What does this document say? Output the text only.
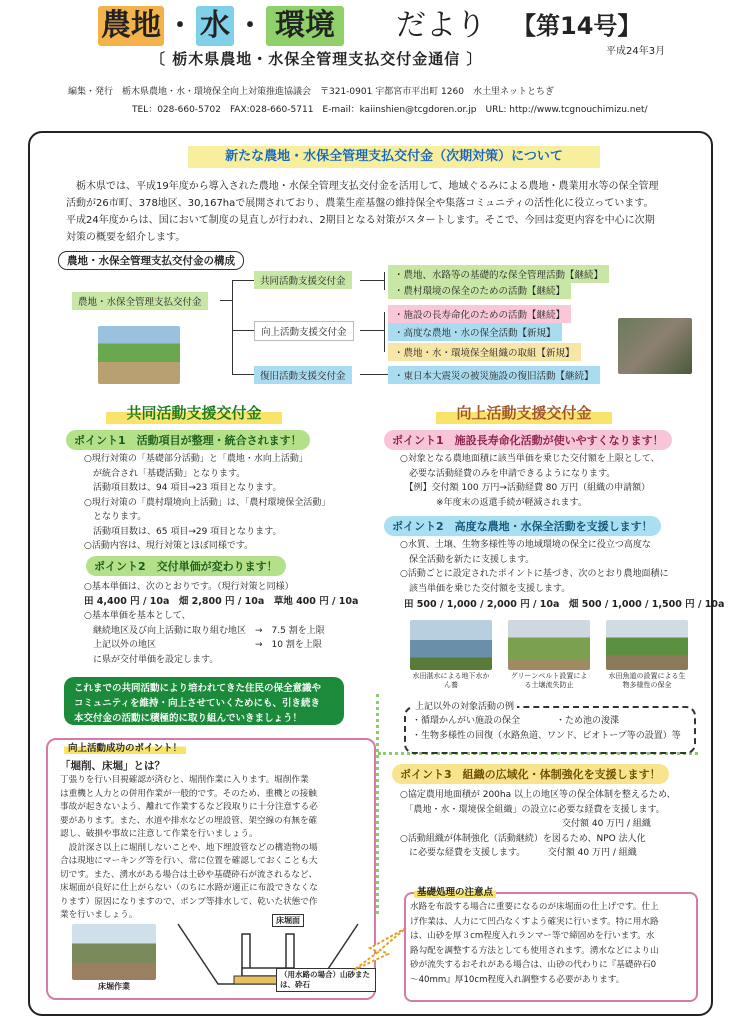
農地 ・ 水 ・ 環境	だより	【第14号】
平成24年3月
〔 栃木県農地・水保全管理支払交付金通信 〕
編集・発行　栃木県農地・水・環境保全向上対策推進協議会　〒321-0901 宇都宮市平出町 1260　水土里ネットとちぎ
TEL：028-660-5702　FAX:028-660-5711　E-mail：kaiinshien@tcgdoren.or.jp　URL: http://www.tcgnouchimizu.net/
新たな農地・水保全管理支払交付金（次期対策）について
栃木県では、平成19年度から導入された農地・水保全管理支払交付金を活用して、地域ぐるみによる農地・農業用水等の保全管理
活動が26市町、378地区、30,167haで展開されており、農業生産基盤の維持保全や集落コミュニティの活性化に役立っています。
平成24年度からは、国において制度の見直しが行われ、2期目となる対策がスタートします。そこで、今回は変更内容を中心に次期
対策の概要を紹介します。
農地・水保全管理支払交付金の構成
農地・水保全管理支払交付金
共同活動支援交付金
向上活動支援交付金
復旧活動支援交付金
・農地、水路等の基礎的な保全管理活動【継続】
・農村環境の保全のための活動【継続】
・施設の長寿命化のための活動【継続】
・高度な農地・水の保全活動【新規】
・農地・水・環境保全組織の取組【新規】
・東日本大震災の被災施設の復旧活動【継続】
共同活動支援交付金
ポイント1　活動項目が整理・統合されます！
○現行対策の「基礎部分活動」と「農地・水向上活動」
　が統合され「基礎活動」となります。
　活動項目数は、94 項目→23 項目となります。
○現行対策の「農村環境向上活動」は、「農村環境保全活動」
　となります。
　活動項目数は、65 項目→29 項目となります。
○活動内容は、現行対策とほぼ同様です。
ポイント2　交付単価が変わります！
○基本単価は、次のとおりです。（現行対策と同様）
田 4,400 円 / 10a　畑 2,800 円 / 10a　草地 400 円 / 10a
○基本単価を基本として、
　継続地区及び向上活動に取り組む地区　→　7.5 割を上限
　上記以外の地区　　　　　　　　　　　→　10 割を上限
　に県が交付単価を設定します。
これまでの共同活動により培われてきた住民の保全意識や
コミュニティを維持・向上させていくためにも、引き続き
本交付金の活動に積極的に取り組んでいきましょう！
向上活動成功のポイント！
「堀削、床堀」とは？
丁張りを行い目視確認が済むと、堀削作業に入ります。堀削作業
は重機と人力との併用作業が一般的です。そのため、重機との接触
事故が起きないよう、離れて作業するなど段取りに十分注意する必
要があります。また、水道や排水などの埋設管、架空線の有無を確
認し、破損や事故に注意して作業を行いましょう。
　設計深さ以上に堀削しないことや、地下埋設管などの構造物の場
合は現地にマーキング等を行い、常に位置を確認しておくことも大
切です。また、湧水がある場合は土砂や基礎砕石が流されるなど、
床堀面が良好に仕上がらない（のちに水路が適正に布設できなくな
ります）原因になりますので、ポンプ等排水して、乾いた状態で作
業を行いましょう。
床堀作業
床堀面
（用水路の場合）山砂または、砕石
向上活動支援交付金
ポイント1　施設長寿命化活動が使いやすくなります！
○対象となる農地面積に該当単価を乗じた交付額を上限として、
　必要な活動経費のみを申請できるようになります。
　【例】交付額 100 万円→活動経費 80 万円（組織の申請額）
　　　　※年度末の返還手続が軽減されます。
ポイント2　高度な農地・水保全活動を支援します！
○水質、土壌、生物多様性等の地域環境の保全に役立つ高度な
　保全活動を新たに支援します。
○活動ごとに設定されたポイントに基づき、次のとおり農地面積に
　該当単価を乗じた交付額を支援します。
田 500 / 1,000 / 2,000 円 / 10a　畑 500 / 1,000 / 1,500 円 / 10a
水田湛水による地下水かん養
グリーンベルト設置による土壌流失防止
水田魚道の設置による生物多様性の保全
上記以外の対象活動の例
・循環かんがい施設の保全　　　　・ため池の浚渫
・生物多様性の回復（水路魚道、ワンド、ビオトープ等の設置）等
ポイント3　組織の広域化・体制強化を支援します！
○協定農用地面積が 200ha 以上の地区等の保全体制を整えるため、
　「農地・水・環境保全組織」の設立に必要な経費を支援します。
　　　　　　　　　　　　　　　　　　交付額 40 万円 / 組織
○活動組織が体制強化（活動継続）を図るため、NPO 法人化
　に必要な経費を支援します。　　　交付額 40 万円 / 組織
基礎処理の注意点
水路を布設する場合に重要になるのが床堀面の仕上げです。仕上
げ作業は、人力にて凹凸なくすよう確実に行います。特に用水路
は、山砂を厚３cm程度入れランマー等で締固めを行います。水
路勾配を調整する方法としても使用されます。湧水などにより山
砂が流失するおそれがある場合は、山砂の代わりに『基礎砕石0
～40mm』厚10cm程度入れ調整する必要があります。
